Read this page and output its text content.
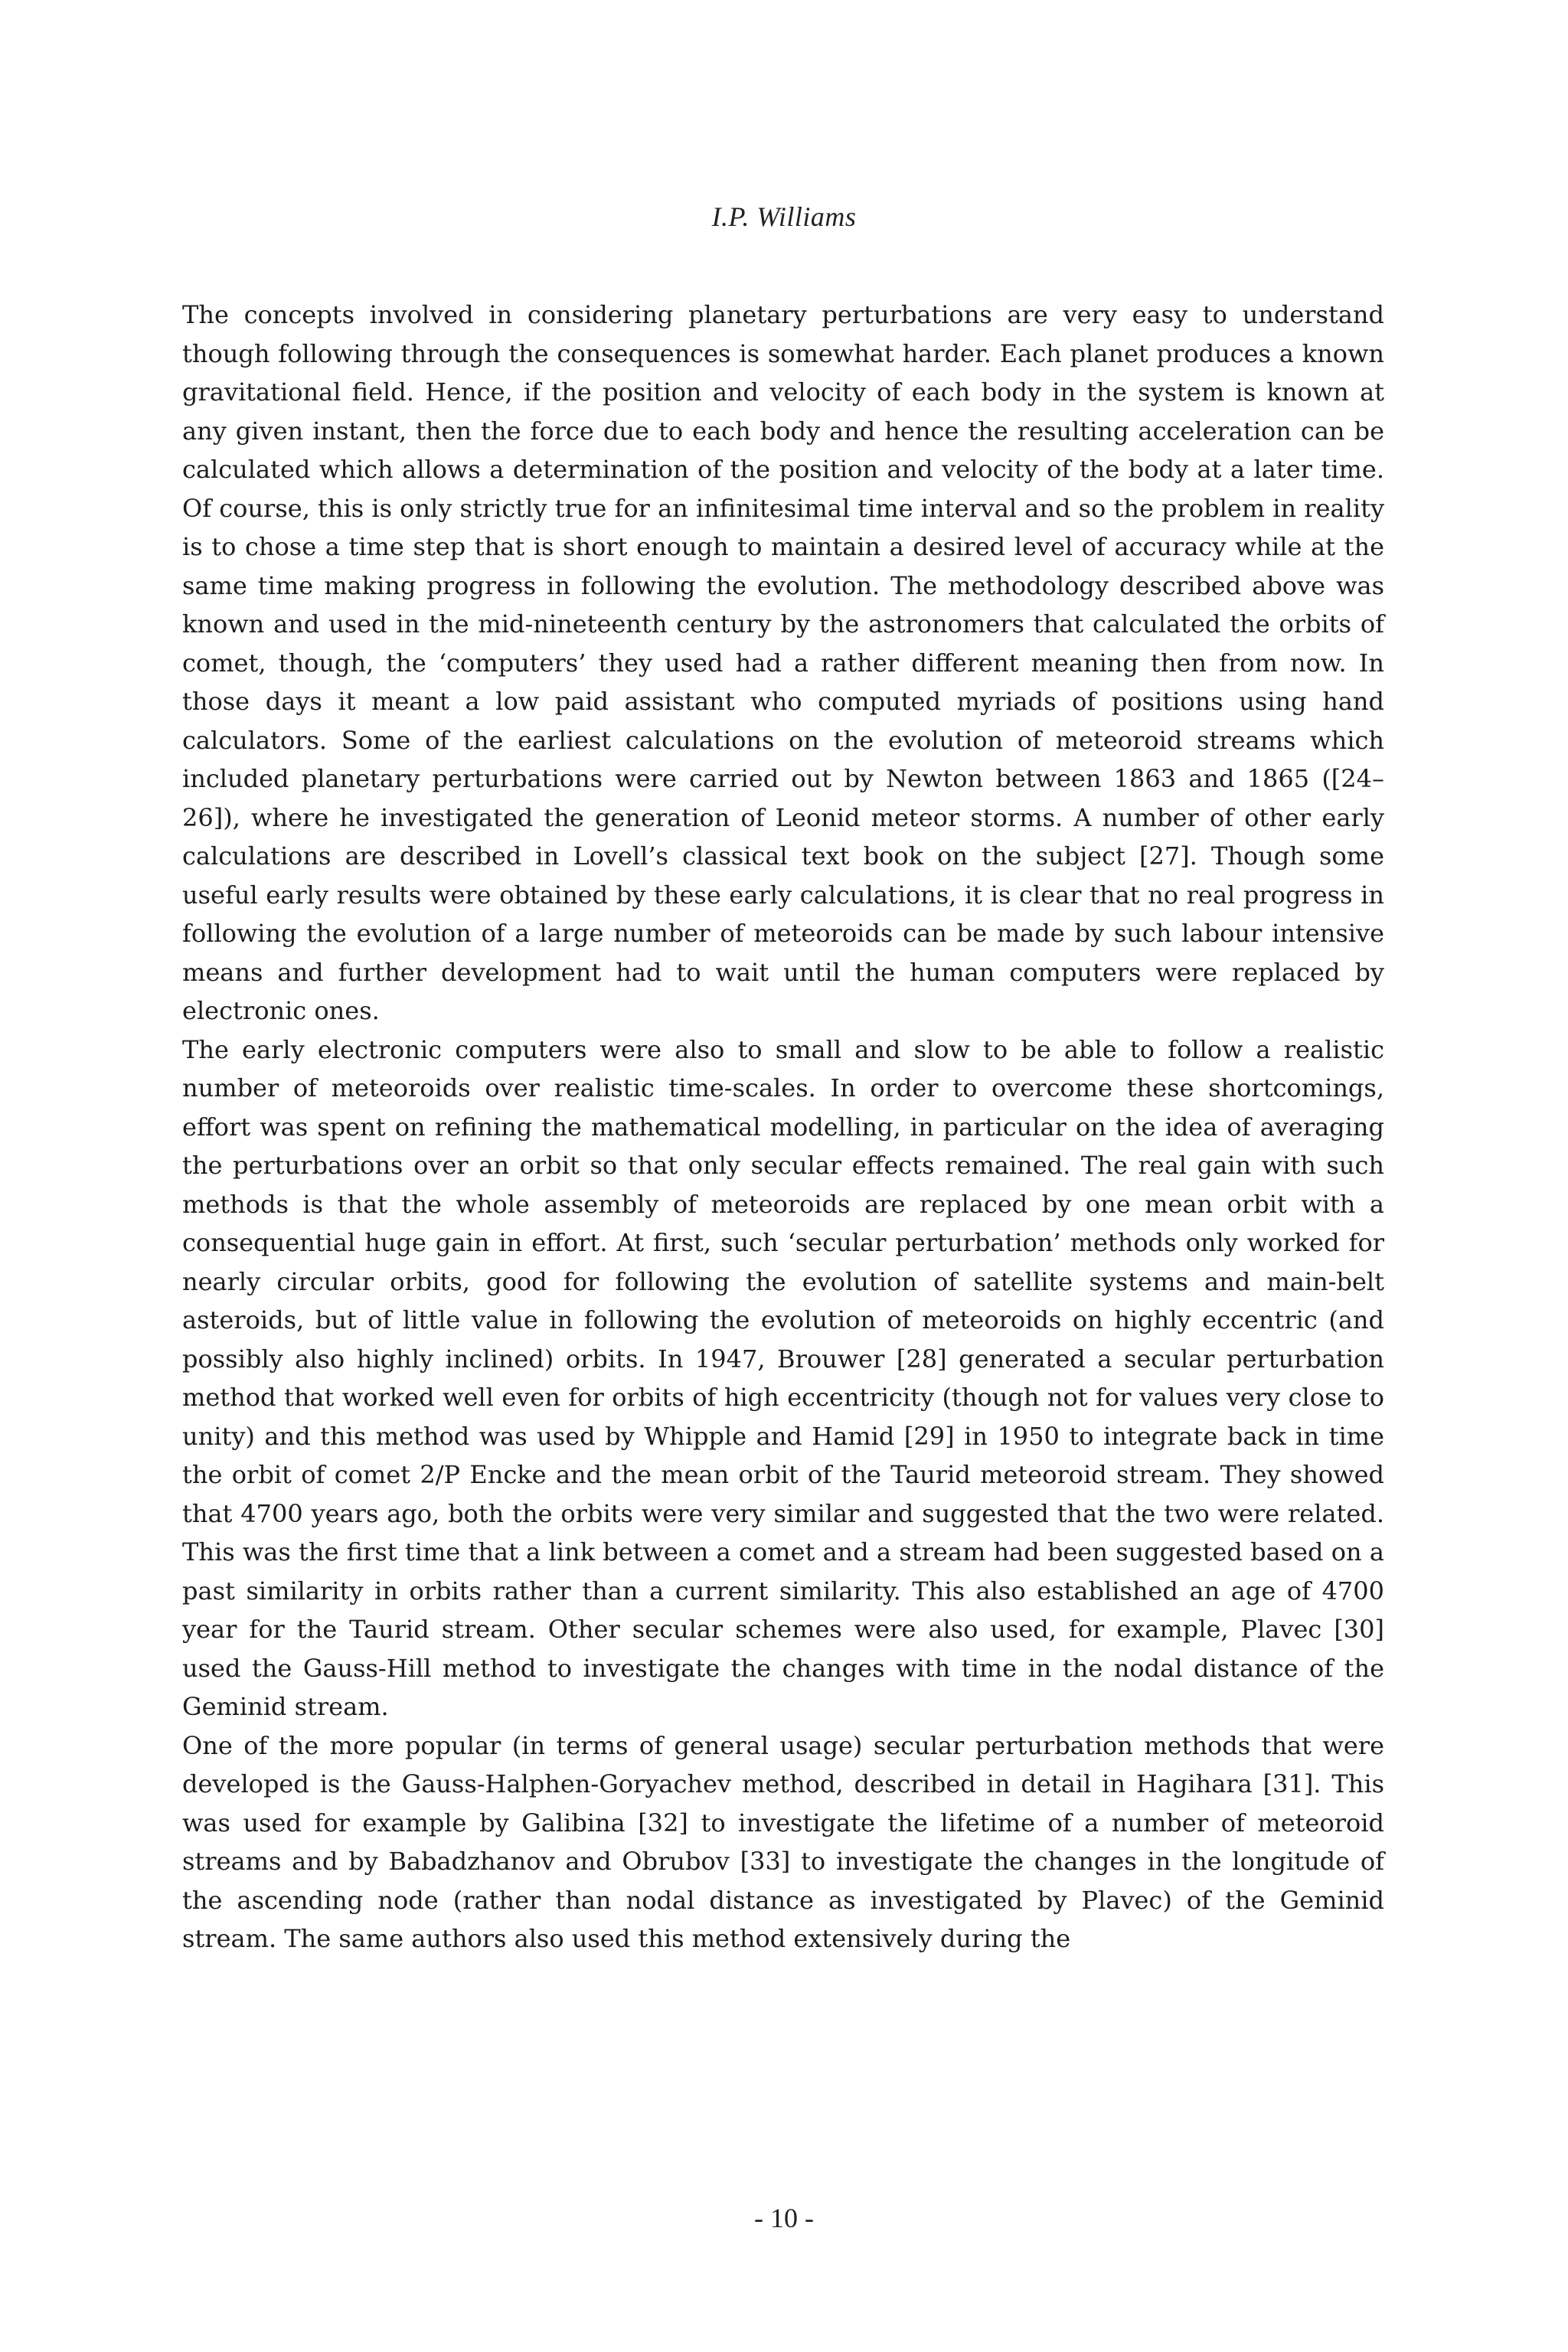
I.P. Williams

The concepts involved in considering planetary perturbations are very easy to understand though following through the consequences is somewhat harder. Each planet produces a known gravitational field. Hence, if the position and velocity of each body in the system is known at any given instant, then the force due to each body and hence the resulting acceleration can be calculated which allows a determination of the position and velocity of the body at a later time. Of course, this is only strictly true for an infinitesimal time interval and so the problem in reality is to chose a time step that is short enough to maintain a desired level of accuracy while at the same time making progress in following the evolution. The methodology described above was known and used in the mid-nineteenth century by the astronomers that calculated the orbits of comet, though, the ‘computers’ they used had a rather different meaning then from now. In those days it meant a low paid assistant who computed myriads of positions using hand calculators. Some of the earliest calculations on the evolution of meteoroid streams which included planetary perturbations were carried out by Newton between 1863 and 1865 ([24–26]), where he investigated the generation of Leonid meteor storms. A number of other early calculations are described in Lovell’s classical text book on the subject [27]. Though some useful early results were obtained by these early calculations, it is clear that no real progress in following the evolution of a large number of meteoroids can be made by such labour intensive means and further development had to wait until the human computers were replaced by electronic ones.

The early electronic computers were also to small and slow to be able to follow a realistic number of meteoroids over realistic time-scales. In order to overcome these shortcomings, effort was spent on refining the mathematical modelling, in particular on the idea of averaging the perturbations over an orbit so that only secular effects remained. The real gain with such methods is that the whole assembly of meteoroids are replaced by one mean orbit with a consequential huge gain in effort. At first, such ‘secular perturbation’ methods only worked for nearly circular orbits, good for following the evolution of satellite systems and main-belt asteroids, but of little value in following the evolution of meteoroids on highly eccentric (and possibly also highly inclined) orbits. In 1947, Brouwer [28] generated a secular perturbation method that worked well even for orbits of high eccentricity (though not for values very close to unity) and this method was used by Whipple and Hamid [29] in 1950 to integrate back in time the orbit of comet 2/P Encke and the mean orbit of the Taurid meteoroid stream. They showed that 4700 years ago, both the orbits were very similar and suggested that the two were related. This was the first time that a link between a comet and a stream had been suggested based on a past similarity in orbits rather than a current similarity. This also established an age of 4700 year for the Taurid stream. Other secular schemes were also used, for example, Plavec [30] used the Gauss-Hill method to investigate the changes with time in the nodal distance of the Geminid stream.

One of the more popular (in terms of general usage) secular perturbation methods that were developed is the Gauss-Halphen-Goryachev method, described in detail in Hagihara [31]. This was used for example by Galibina [32] to investigate the lifetime of a number of meteoroid streams and by Babadzhanov and Obrubov [33] to investigate the changes in the longitude of the ascending node (rather than nodal distance as investigated by Plavec) of the Geminid stream. The same authors also used this method extensively during the

- 10 -
